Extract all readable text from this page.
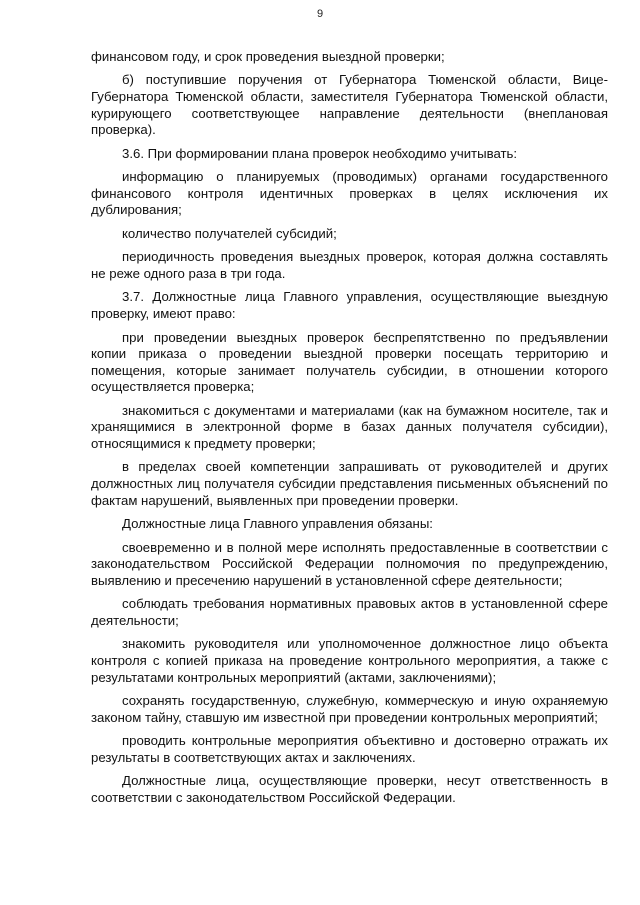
9

финансовом году, и срок проведения выездной проверки;

б) поступившие поручения от Губернатора Тюменской области, Вице-Губернатора Тюменской области, заместителя Губернатора Тюменской области, курирующего соответствующее направление деятельности (внеплановая проверка).

3.6. При формировании плана проверок необходимо учитывать:

информацию о планируемых (проводимых) органами государственного финансового контроля идентичных проверках в целях исключения их дублирования;

количество получателей субсидий;

периодичность проведения выездных проверок, которая должна составлять не реже одного раза в три года.

3.7. Должностные лица Главного управления, осуществляющие выездную проверку, имеют право:

при проведении выездных проверок беспрепятственно по предъявлении копии приказа о проведении выездной проверки посещать территорию и помещения, которые занимает получатель субсидии, в отношении которого осуществляется проверка;

знакомиться с документами и материалами (как на бумажном носителе, так и хранящимися в электронной форме в базах данных получателя субсидии), относящимися к предмету проверки;

в пределах своей компетенции запрашивать от руководителей и других должностных лиц получателя субсидии представления письменных объяснений по фактам нарушений, выявленных при проведении проверки.

Должностные лица Главного управления обязаны:

своевременно и в полной мере исполнять предоставленные в соответствии с законодательством Российской Федерации полномочия по предупреждению, выявлению и пресечению нарушений в установленной сфере деятельности;

соблюдать требования нормативных правовых актов в установленной сфере деятельности;

знакомить руководителя или уполномоченное должностное лицо объекта контроля с копией приказа на проведение контрольного мероприятия, а также с результатами контрольных мероприятий (актами, заключениями);

сохранять государственную, служебную, коммерческую и иную охраняемую законом тайну, ставшую им известной при проведении контрольных мероприятий;

проводить контрольные мероприятия объективно и достоверно отражать их результаты в соответствующих актах и заключениях.

Должностные лица, осуществляющие проверки, несут ответственность в соответствии с законодательством Российской Федерации.
